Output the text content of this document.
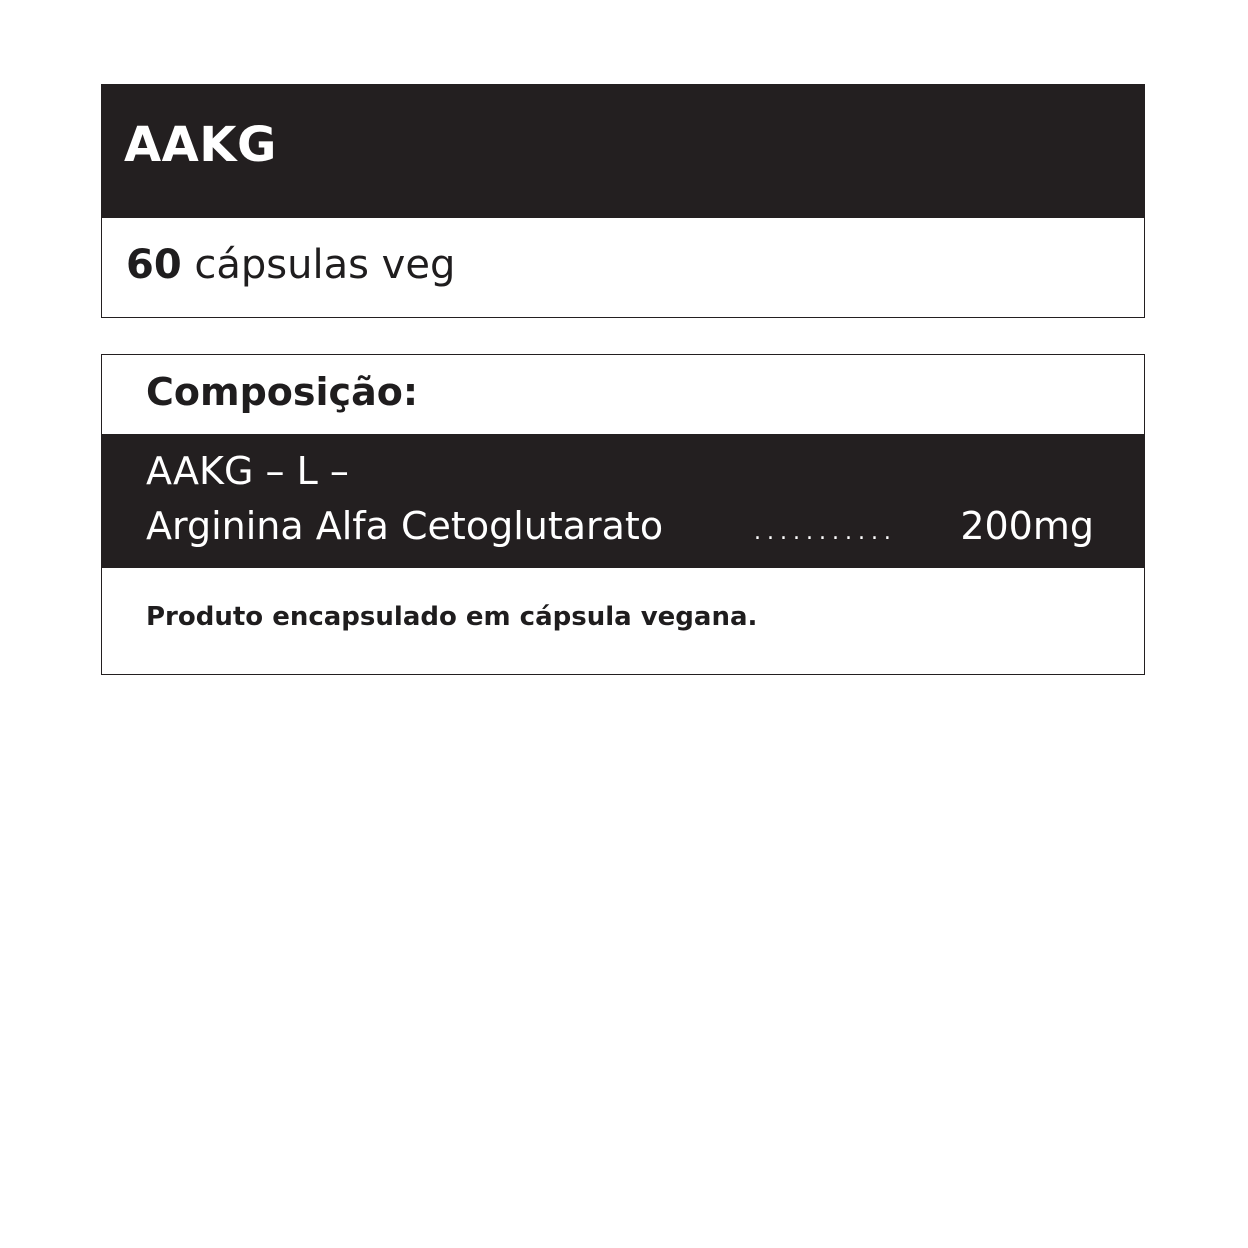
AAKG
60 cápsulas veg
Composição:
AAKG – L –
Arginina Alfa Cetoglutarato	........... 200mg
Produto encapsulado em cápsula vegana.
